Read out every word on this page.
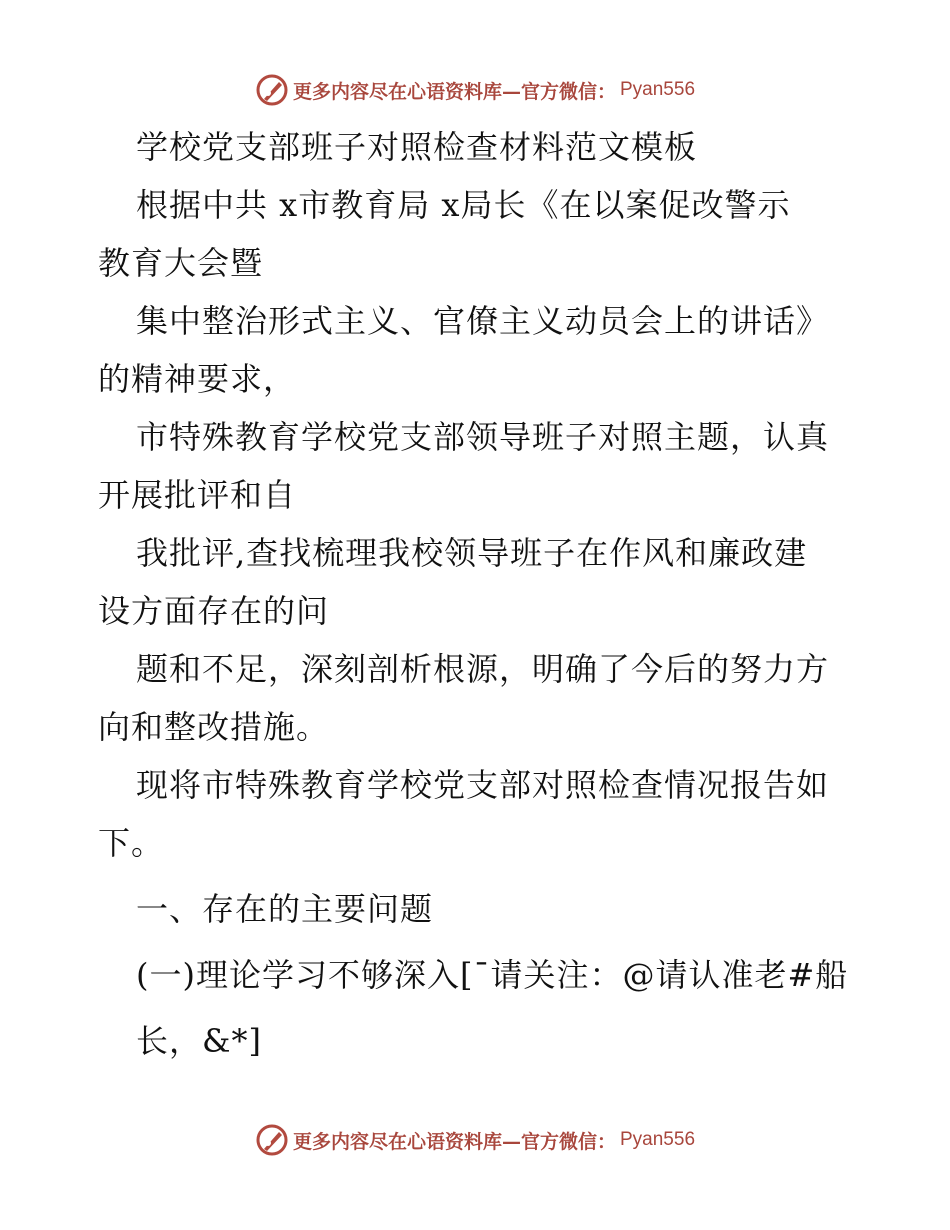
更多内容尽在心语资料库—官方微信： Pyan556
学校党支部班子对照检查材料范文模板
根据中共 x市教育局 x局长《在以案促改警示
教育大会暨
集中整治形式主义、官僚主义动员会上的讲话》
的精神要求，
市特殊教育学校党支部领导班子对照主题，认真
开展批评和自
我批评,查找梳理我校领导班子在作风和廉政建
设方面存在的问
题和不足，深刻剖析根源，明确了今后的努力方
向和整改措施。
现将市特殊教育学校党支部对照检查情况报告如
下。
一、存在的主要问题
(一)理论学习不够深入[¯请关注：@请认准老#船
长，&*]
更多内容尽在心语资料库—官方微信： Pyan556
